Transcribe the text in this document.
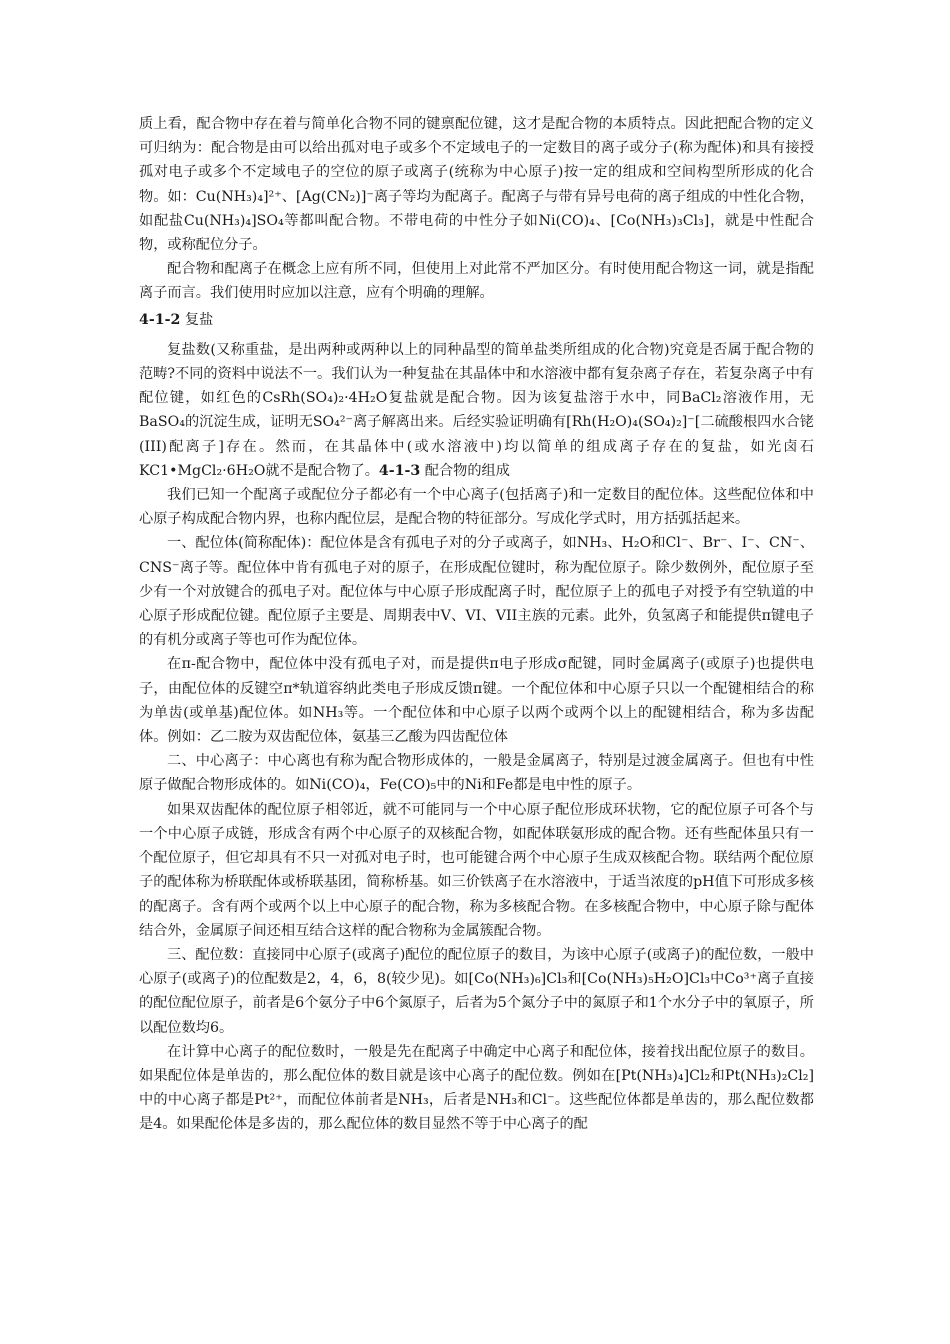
质上看，配合物中存在着与简单化合物不同的键禀配位键，这才是配合物的本质特点。因此把配合物的定义可归纳为：配合物是由可以给出孤对电子或多个不定域电子的一定数目的离子或分子(称为配体)和具有接授孤对电子或多个不定域电子的空位的原子或离子(统称为中心原子)按一定的组成和空间构型所形成的化合物。如：Cu(NH₃)₄]²⁺、[Ag(CN₂)]⁻离子等均为配离子。配离子与带有异号电荷的离子组成的中性化合物，如配盐Cu(NH₃)₄]SO₄等都叫配合物。不带电荷的中性分子如Ni(CO)₄、[Co(NH₃)₃Cl₃]，就是中性配合物，或称配位分子。

配合物和配离子在概念上应有所不同，但使用上对此常不严加区分。有时使用配合物这一词，就是指配离子而言。我们使用时应加以注意，应有个明确的理解。

4-1-2 复盐

复盐数(又称重盐，是出两种或两种以上的同种晶型的简单盐类所组成的化合物)究竟是否属于配合物的范畴?不同的资料中说法不一。我们认为一种复盐在其晶体中和水溶液中都有复杂离子存在，若复杂离子中有配位键，如红色的CsRh(SO₄)₂·4H₂O复盐就是配合物。因为该复盐溶于水中，同BaCl₂溶液作用，无BaSO₄的沉淀生成，证明无SO₄²⁻离子解离出来。后经实验证明确有[Rh(H₂O)₄(SO₄)₂]⁻[二硫酸根四水合铑(III)配离子]存在。然而，在其晶体中(或水溶液中)均以简单的组成离子存在的复盐，如光卤石KC1•MgCl₂·6H₂O就不是配合物了。4-1-3 配合物的组成

我们已知一个配离子或配位分子都必有一个中心离子(包括离子)和一定数目的配位体。这些配位体和中心原子构成配合物内界，也称内配位层，是配合物的特征部分。写成化学式时，用方括弧括起来。

一、配位体(简称配体)：配位体是含有孤电子对的分子或离子，如NH₃、H₂O和Cl⁻、Br⁻、I⁻、CN⁻、CNS⁻离子等。配位体中肯有孤电子对的原子，在形成配位键时，称为配位原子。除少数例外，配位原子至少有一个对放键合的孤电子对。配位体与中心原子形成配离子时，配位原子上的孤电子对授予有空轨道的中心原子形成配位键。配位原子主要是、周期表中V、VI、VII主族的元素。此外，负氢离子和能提供π键电子的有机分或离子等也可作为配位体。

在π-配合物中，配位体中没有孤电子对，而是提供π电子形成σ配键，同时金属离子(或原子)也提供电子，由配位体的反键空π*轨道容纳此类电子形成反馈π键。一个配位体和中心原子只以一个配键相结合的称为单齿(或单基)配位体。如NH₃等。一个配位体和中心原子以两个或两个以上的配键相结合，称为多齿配体。例如：乙二胺为双齿配位体，氨基三乙酸为四齿配位体

二、中心离子：中心离也有称为配合物形成体的，一般是金属离子，特别是过渡金属离子。但也有中性原子做配合物形成体的。如Ni(CO)₄，Fe(CO)₅中的Ni和Fe都是电中性的原子。

如果双齿配体的配位原子相邻近，就不可能同与一个中心原子配位形成环状物，它的配位原子可各个与一个中心原子成链，形成含有两个中心原子的双核配合物，如配体联氨形成的配合物。还有些配体虽只有一个配位原子，但它却具有不只一对孤对电子时，也可能键合两个中心原子生成双核配合物。联结两个配位原子的配体称为桥联配体或桥联基团，简称桥基。如三价铁离子在水溶液中，于适当浓度的pH值下可形成多核的配离子。含有两个或两个以上中心原子的配合物，称为多核配合物。在多核配合物中，中心原子除与配体结合外，金属原子间还相互结合这样的配合物称为金属簇配合物。

三、配位数：直接同中心原子(或离子)配位的配位原子的数目，为该中心原子(或离子)的配位数，一般中心原子(或离子)的位配数是2，4，6，8(较少见)。如[Co(NH₃)₆]Cl₃和[Co(NH₃)₅H₂O]Cl₃中Co³⁺离子直接的配位配位原子，前者是6个氨分子中6个氮原子，后者为5个氮分子中的氮原子和1个水分子中的氧原子，所以配位数均6。

在计算中心离子的配位数时，一般是先在配离子中确定中心离子和配位体，接着找出配位原子的数目。如果配位体是单齿的，那么配位体的数目就是该中心离子的配位数。例如在[Pt(NH₃)₄]Cl₂和Pt(NH₃)₂Cl₂]中的中心离子都是Pt²⁺，而配位体前者是NH₃，后者是NH₃和Cl⁻。这些配位体都是单齿的，那么配位数都是4。如果配伦体是多齿的，那么配位体的数目显然不等于中心离子的配
